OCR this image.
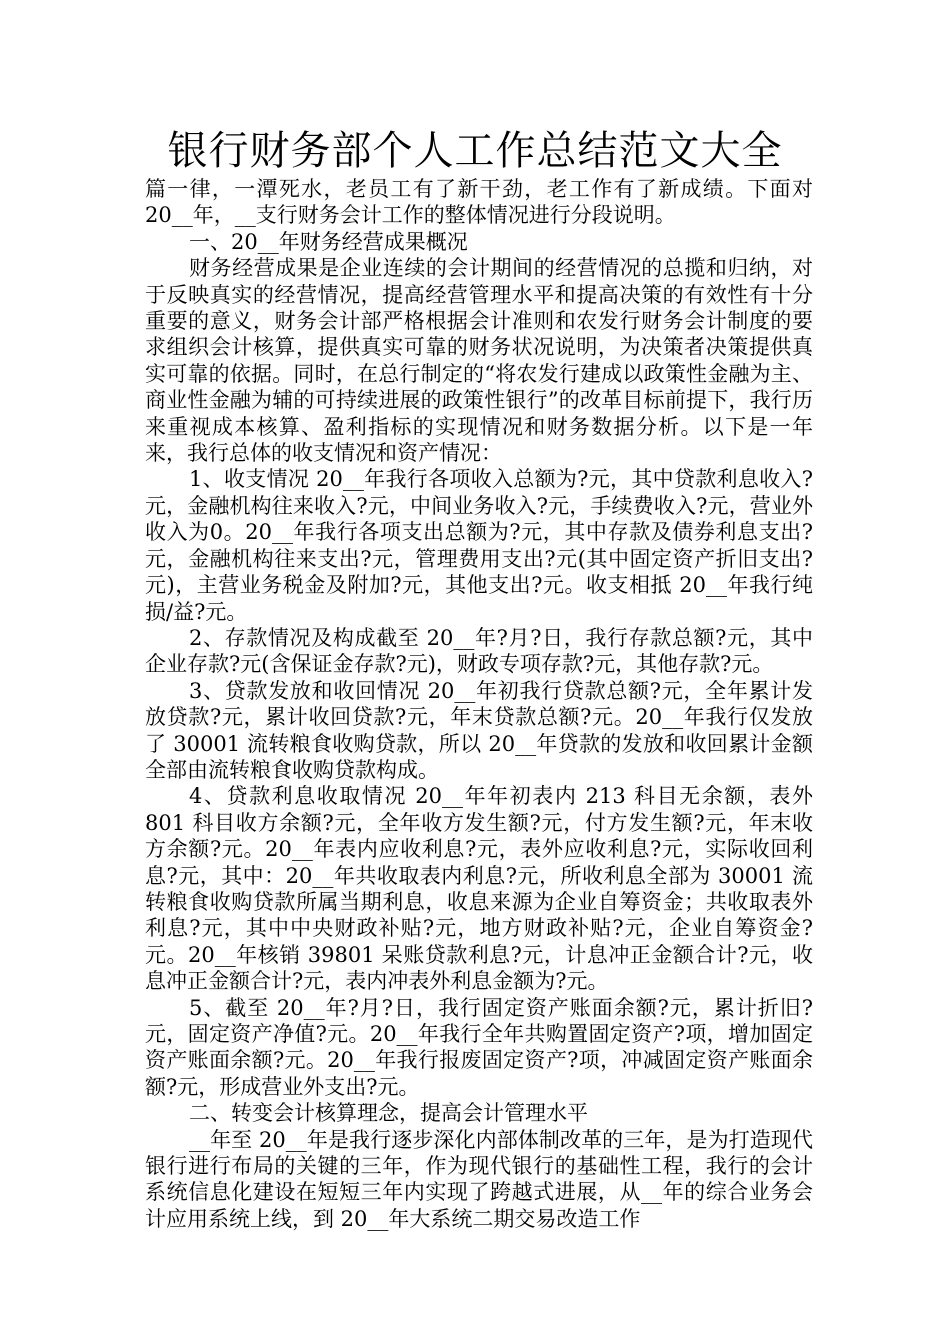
银行财务部个人工作总结范文大全

篇一律，一潭死水，老员工有了新干劲，老工作有了新成绩。下面对20__年，__支行财务会计工作的整体情况进行分段说明。

一、20__年财务经营成果概况

财务经营成果是企业连续的会计期间的经营情况的总揽和归纳，对于反映真实的经营情况，提高经营管理水平和提高决策的有效性有十分重要的意义，财务会计部严格根据会计准则和农发行财务会计制度的要求组织会计核算，提供真实可靠的财务状况说明，为决策者决策提供真实可靠的依据。同时，在总行制定的“将农发行建成以政策性金融为主、商业性金融为辅的可持续进展的政策性银行”的改革目标前提下，我行历来重视成本核算、盈利指标的实现情况和财务数据分析。以下是一年来，我行总体的收支情况和资产情况：

1、收支情况 20__年我行各项收入总额为?元，其中贷款利息收入?元，金融机构往来收入?元，中间业务收入?元，手续费收入?元，营业外收入为0。20__年我行各项支出总额为?元，其中存款及债券利息支出?元，金融机构往来支出?元，管理费用支出?元(其中固定资产折旧支出?元)，主营业务税金及附加?元，其他支出?元。收支相抵 20__年我行纯损/益?元。

2、存款情况及构成截至 20__年?月?日，我行存款总额?元，其中企业存款?元(含保证金存款?元)，财政专项存款?元，其他存款?元。

3、贷款发放和收回情况 20__年初我行贷款总额?元，全年累计发放贷款?元，累计收回贷款?元，年末贷款总额?元。20__年我行仅发放了 30001 流转粮食收购贷款，所以 20__年贷款的发放和收回累计金额全部由流转粮食收购贷款构成。

4、贷款利息收取情况 20__年年初表内 213 科目无余额，表外 801 科目收方余额?元，全年收方发生额?元，付方发生额?元，年末收方余额?元。20__年表内应收利息?元，表外应收利息?元，实际收回利息?元，其中：20__年共收取表内利息?元，所收利息全部为 30001 流转粮食收购贷款所属当期利息，收息来源为企业自筹资金；共收取表外利息?元，其中中央财政补贴?元，地方财政补贴?元，企业自筹资金?元。20__年核销 39801 呆账贷款利息?元，计息冲正金额合计?元，收息冲正金额合计?元，表内冲表外利息金额为?元。

5、截至 20__年?月?日，我行固定资产账面余额?元，累计折旧?元，固定资产净值?元。20__年我行全年共购置固定资产?项，增加固定资产账面余额?元。20__年我行报废固定资产?项，冲减固定资产账面余额?元，形成营业外支出?元。

二、转变会计核算理念，提高会计管理水平

__年至 20__年是我行逐步深化内部体制改革的三年，是为打造现代银行进行布局的关键的三年，作为现代银行的基础性工程，我行的会计系统信息化建设在短短三年内实现了跨越式进展，从__年的综合业务会计应用系统上线，到 20__年大系统二期交易改造工作
